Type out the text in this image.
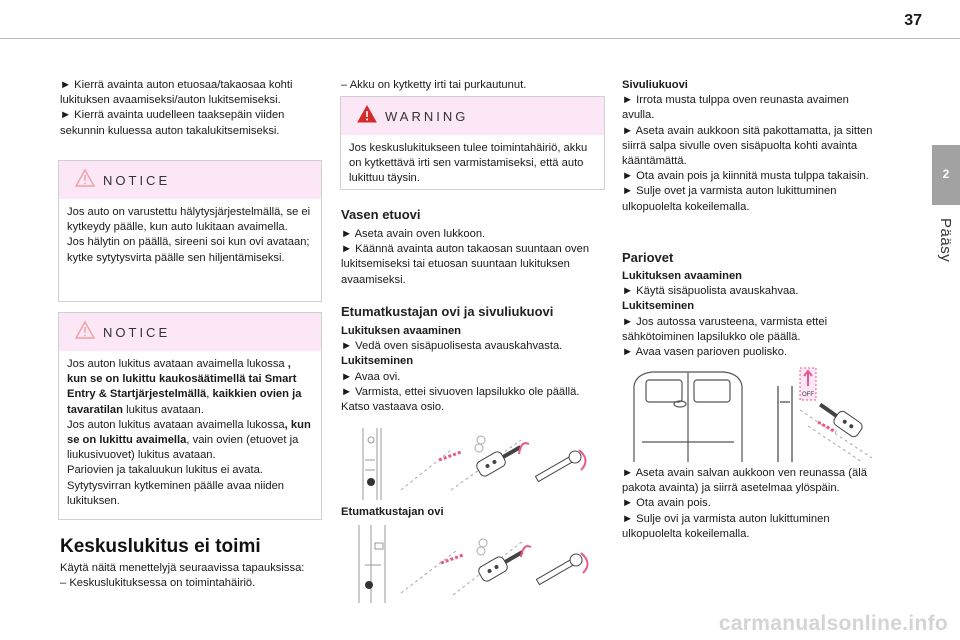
37
2
Pääsy

► Kierrä avainta auton etuosaa/takaosaa kohti lukituksen avaamiseksi/auton lukitsemiseksi.

► Kierrä avainta uudelleen taaksepäin viiden sekunnin kuluessa auton takalukitsemiseksi.

NOTICE

Jos auto on varustettu hälytysjärjestelmällä, se ei kytkeydy päälle, kun auto lukitaan avaimella.

Jos hälytin on päällä, sireeni soi kun ovi avataan; kytke sytytysvirta päälle sen hiljentämiseksi.

NOTICE

Jos auton lukitus avataan avaimella lukossa , kun se on lukittu kaukosäätimellä tai Smart Entry & Startjärjestelmällä, kaikkien ovien ja tavaratilan lukitus avataan.

Jos auton lukitus avataan avaimella lukossa, kun se on lukittu avaimella, vain ovien (etuovet ja liukusivuovet) lukitus avataan.

Pariovien ja takaluukun lukitus ei avata.

Sytytysvirran kytkeminen päälle avaa niiden lukituksen.

Keskuslukitus ei toimi

Käytä näitä menettelyjä seuraavissa tapauksissa:

– Keskuslukituksessa on toimintahäiriö.

– Akku on kytketty irti tai purkautunut.

WARNING
Jos keskuslukitukseen tulee toimintahäiriö, akku on kytkettävä irti sen varmistamiseksi, että auto lukittuu täysin.
Vasen etuovi

► Aseta avain oven lukkoon.

► Käännä avainta auton takaosan suuntaan oven lukitsemiseksi tai etuosan suuntaan lukituksen avaamiseksi.

Etumatkustajan ovi ja sivuliukuovi

Lukituksen avaaminen

► Vedä oven sisäpuolisesta avauskahvasta.

Lukitseminen

► Avaa ovi.

► Varmista, ettei sivuoven lapsilukko ole päällä. Katso vastaava osio.

Etumatkustajan ovi

Sivuliukuovi

► Irrota musta tulppa oven reunasta avaimen avulla.

► Aseta avain aukkoon sitä pakottamatta, ja sitten siirrä salpa sivulle oven sisäpuolta kohti avainta kääntämättä.

► Ota avain pois ja kiinnitä musta tulppa takaisin.

► Sulje ovet ja varmista auton lukittuminen ulkopuolelta kokeilemalla.

Pariovet

Lukituksen avaaminen

► Käytä sisäpuolista avauskahvaa.

Lukitseminen

► Jos autossa varusteena, varmista ettei sähkötoiminen lapsilukko ole päällä.

► Avaa vasen parioven puolisko.

OFF

► Aseta avain salvan aukkoon ven reunassa (älä pakota avainta) ja siirrä asetelmaa ylöspäin.

► Ota avain pois.

► Sulje ovi ja varmista auton lukittuminen ulkopuolelta kokeilemalla.

carmanualsonline.info
